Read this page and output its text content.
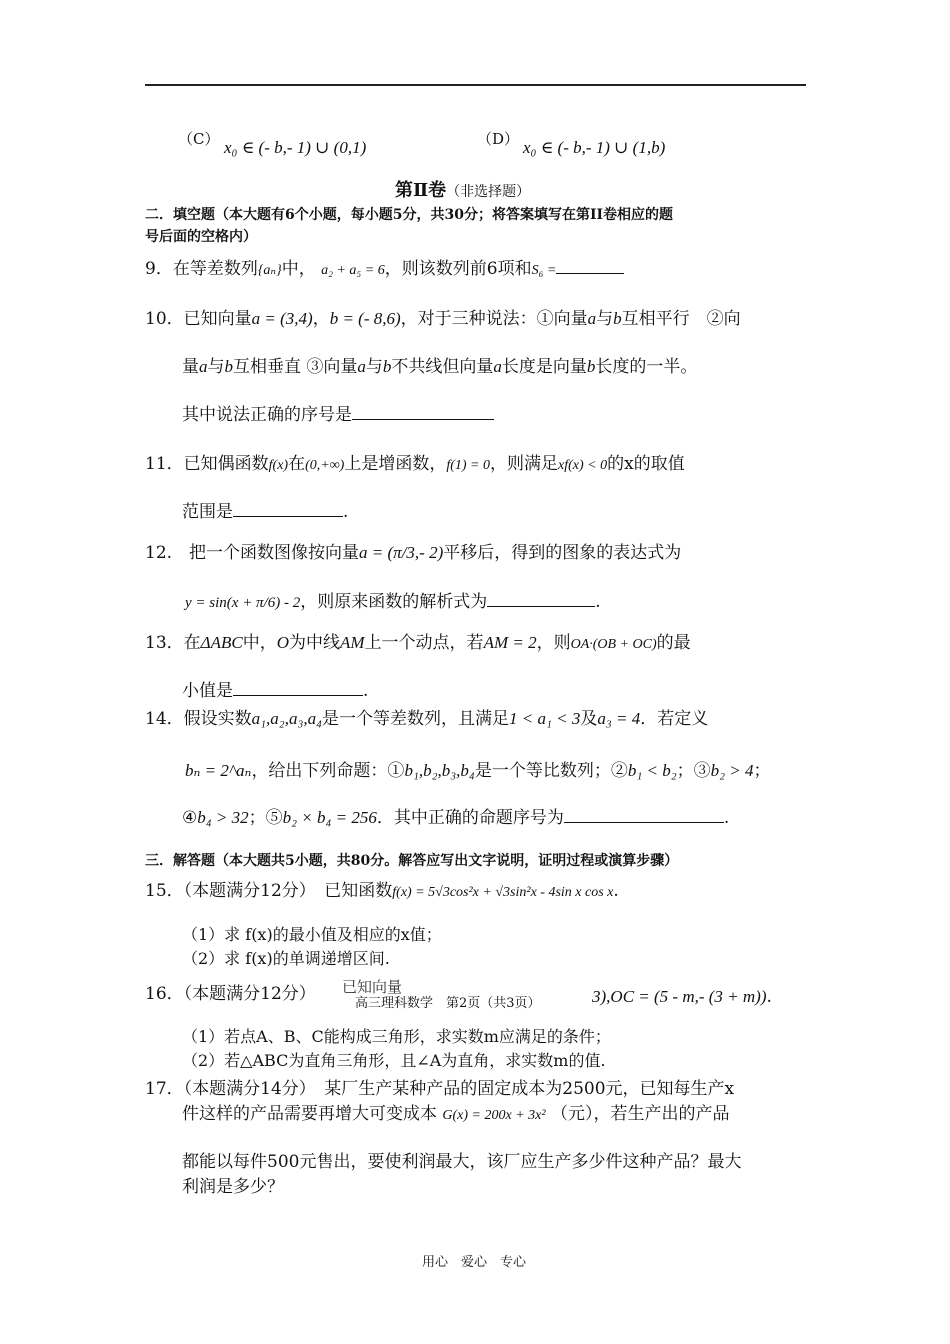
（C） x₀ ∈ (- b,- 1) ∪ (0,1)	（D） x₀ ∈ (- b,- 1) ∪ (1,b)
第Ⅱ卷（非选择题）
二．填空题（本大题有6个小题，每小题5分，共30分；将答案填写在第II卷相应的题
号后面的空格内）
9．在等差数列{aₙ}中， a₂ + a₅ = 6，则该数列前6项和S₆ =
10．已知向量a = (3,4)，b = (- 8,6)，对于三种说法：①向量a与b互相平行　②向
量a与b互相垂直 ③向量a与b不共线但向量a长度是向量b长度的一半。
其中说法正确的序号是
11．已知偶函数f(x)在(0,+∞)上是增函数，f(1) = 0，则满足xf(x) < 0的x的取值
范围是	.
12.　把一个函数图像按向量a = (π/3,- 2)平移后，得到的图象的表达式为
y = sin(x + π/6) - 2，则原来函数的解析式为	.
13．在ΔABC中，O为中线AM上一个动点，若AM = 2，则OA·(OB + OC)的最
小值是	.
14．假设实数a₁,a₂,a₃,a₄是一个等差数列，且满足1 < a₁ < 3及a₃ = 4．若定义
bₙ = 2^aₙ，给出下列命题：①b₁,b₂,b₃,b₄是一个等比数列；②b₁ < b₂；③b₂ > 4；
④b₄ > 32；⑤b₂ × b₄ = 256．其中正确的命题序号为	.
三．解答题（本大题共5小题，共80分。解答应写出文字说明，证明过程或演算步骤）
15．（本题满分12分）　已知函数f(x) = 5√3cos²x + √3sin²x - 4sin x cos x.
（1）求 f(x)的最小值及相应的x值；
（2）求 f(x)的单调递增区间.
16．（本题满分12分） 已知向量
高三理科数学　第2页（共3页）	3),OC = (5 - m,- (3 + m)).
（1）若点A、B、C能构成三角形，求实数m应满足的条件；
（2）若△ABC为直角三角形，且∠A为直角，求实数m的值.
17．（本题满分14分）　某厂生产某种产品的固定成本为2500元，已知每生产x
件这样的产品需要再增大可变成本 G(x) = 200x + 3x² （元），若生产出的产品
都能以每件500元售出，要使利润最大，该厂应生产多少件这种产品？最大
利润是多少？
用心　爱心　专心
